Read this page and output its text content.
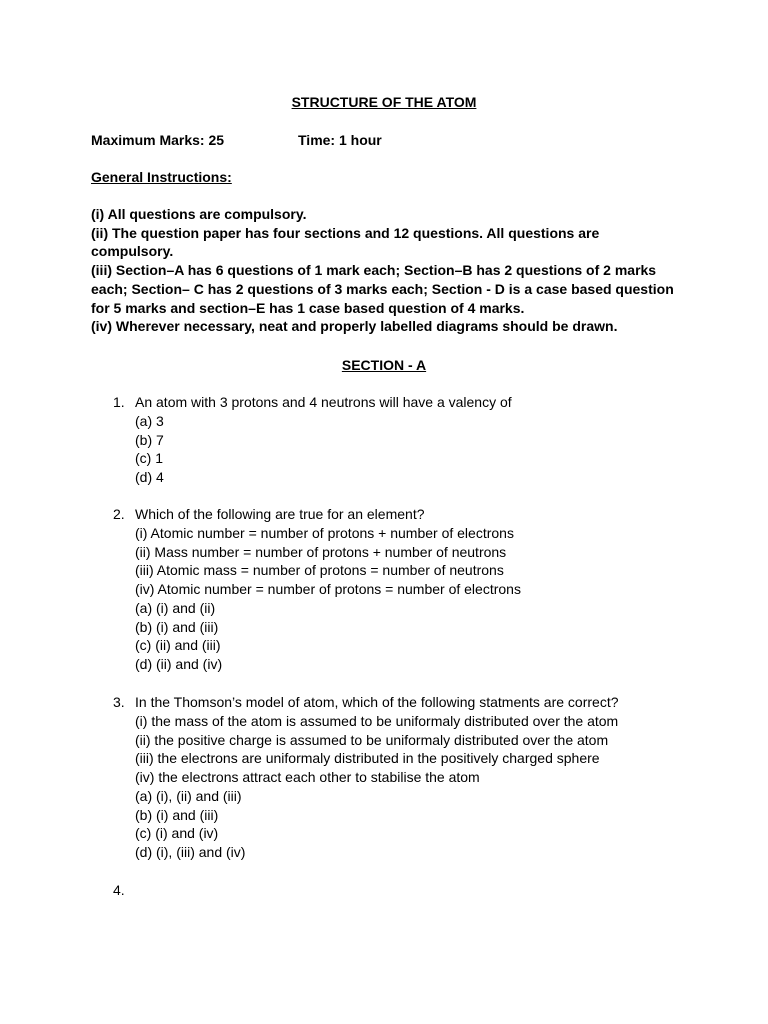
STRUCTURE OF THE ATOM
Maximum Marks: 25	Time: 1 hour
General Instructions:
(i) All questions are compulsory.
(ii) The question paper has four sections and 12 questions. All questions are compulsory.
(iii) Section–A has 6 questions of 1 mark each; Section–B has 2 questions of 2 marks each; Section– C has 2 questions of 3 marks each; Section - D is a case based question for 5 marks and section–E has 1 case based question of 4 marks.
(iv) Wherever necessary, neat and properly labelled diagrams should be drawn.
SECTION - A
1. An atom with 3 protons and 4 neutrons will have a valency of
(a) 3
(b) 7
(c) 1
(d) 4
2. Which of the following are true for an element?
(i) Atomic number = number of protons + number of electrons
(ii) Mass number = number of protons + number of neutrons
(iii) Atomic mass = number of protons = number of neutrons
(iv) Atomic number = number of protons = number of electrons
(a) (i) and (ii)
(b) (i) and (iii)
(c) (ii) and (iii)
(d) (ii) and (iv)
3. In the Thomson’s model of atom, which of the following statments are correct?
(i) the mass of the atom is assumed to be uniformaly distributed over the atom
(ii) the positive charge is assumed to be uniformaly distributed over the atom
(iii) the electrons are uniformaly distributed in the positively charged sphere
(iv) the electrons attract each other to stabilise the atom
(a) (i), (ii) and (iii)
(b) (i) and (iii)
(c) (i) and (iv)
(d) (i), (iii) and (iv)
4.
